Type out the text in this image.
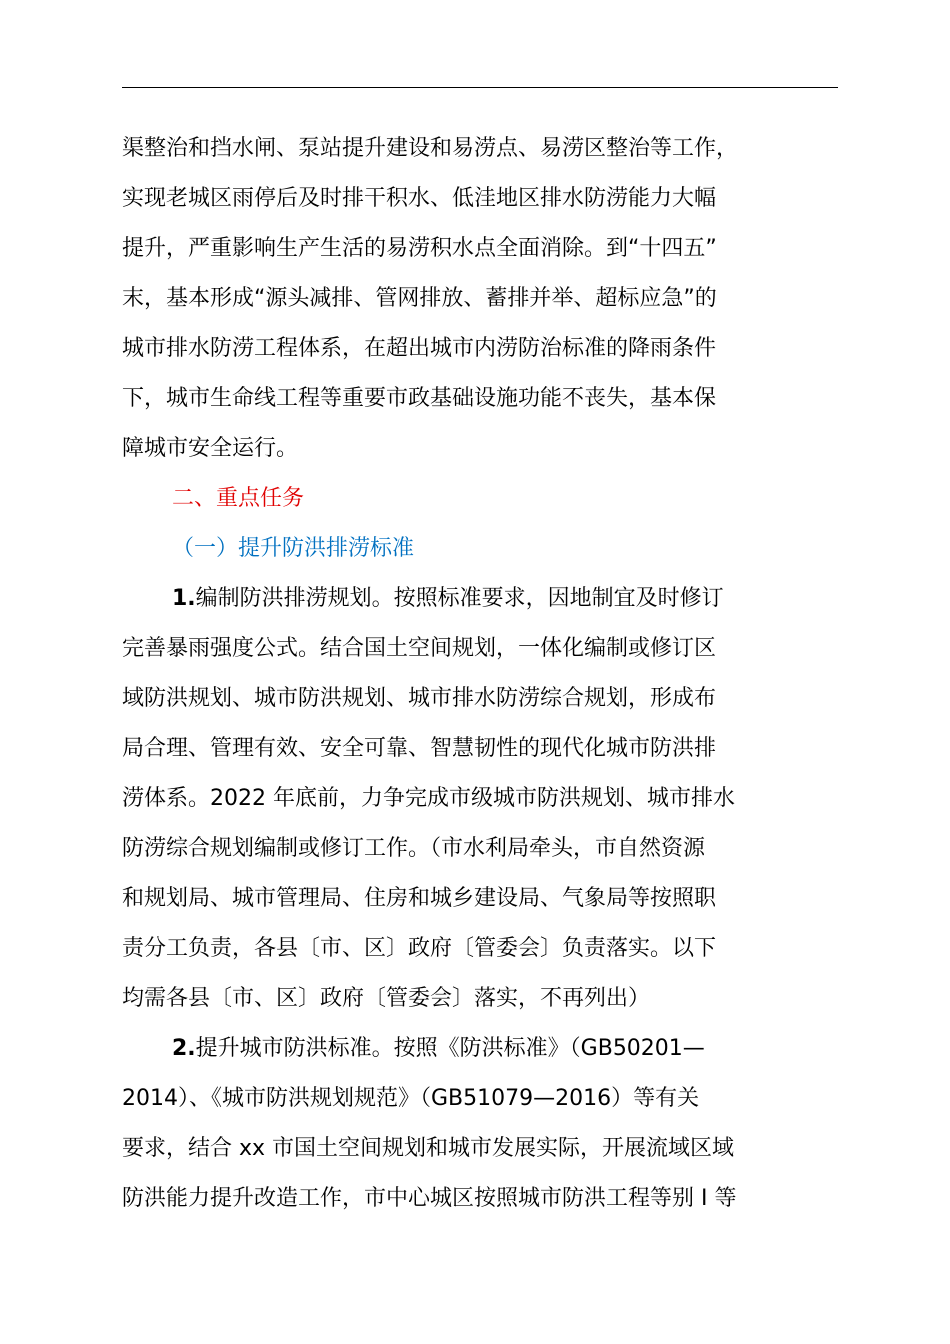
渠整治和挡水闸、泵站提升建设和易涝点、易涝区整治等工作，
实现老城区雨停后及时排干积水、低洼地区排水防涝能力大幅
提升，严重影响生产生活的易涝积水点全面消除。到“十四五”
末，基本形成“源头减排、管网排放、蓄排并举、超标应急”的
城市排水防涝工程体系，在超出城市内涝防治标准的降雨条件
下，城市生命线工程等重要市政基础设施功能不丧失，基本保
障城市安全运行。
二、重点任务
（一）提升防洪排涝标准
1.编制防洪排涝规划。按照标准要求，因地制宜及时修订
完善暴雨强度公式。结合国土空间规划，一体化编制或修订区
域防洪规划、城市防洪规划、城市排水防涝综合规划，形成布
局合理、管理有效、安全可靠、智慧韧性的现代化城市防洪排
涝体系。2022 年底前，力争完成市级城市防洪规划、城市排水
防涝综合规划编制或修订工作。（市水利局牵头，市自然资源
和规划局、城市管理局、住房和城乡建设局、气象局等按照职
责分工负责，各县〔市、区〕政府〔管委会〕负责落实。以下
均需各县〔市、区〕政府〔管委会〕落实，不再列出）
2.提升城市防洪标准。按照《防洪标准》（GB50201—
2014）、《城市防洪规划规范》（GB51079—2016）等有关
要求，结合 xx 市国土空间规划和城市发展实际，开展流域区域
防洪能力提升改造工作，市中心城区按照城市防洪工程等别 I 等
